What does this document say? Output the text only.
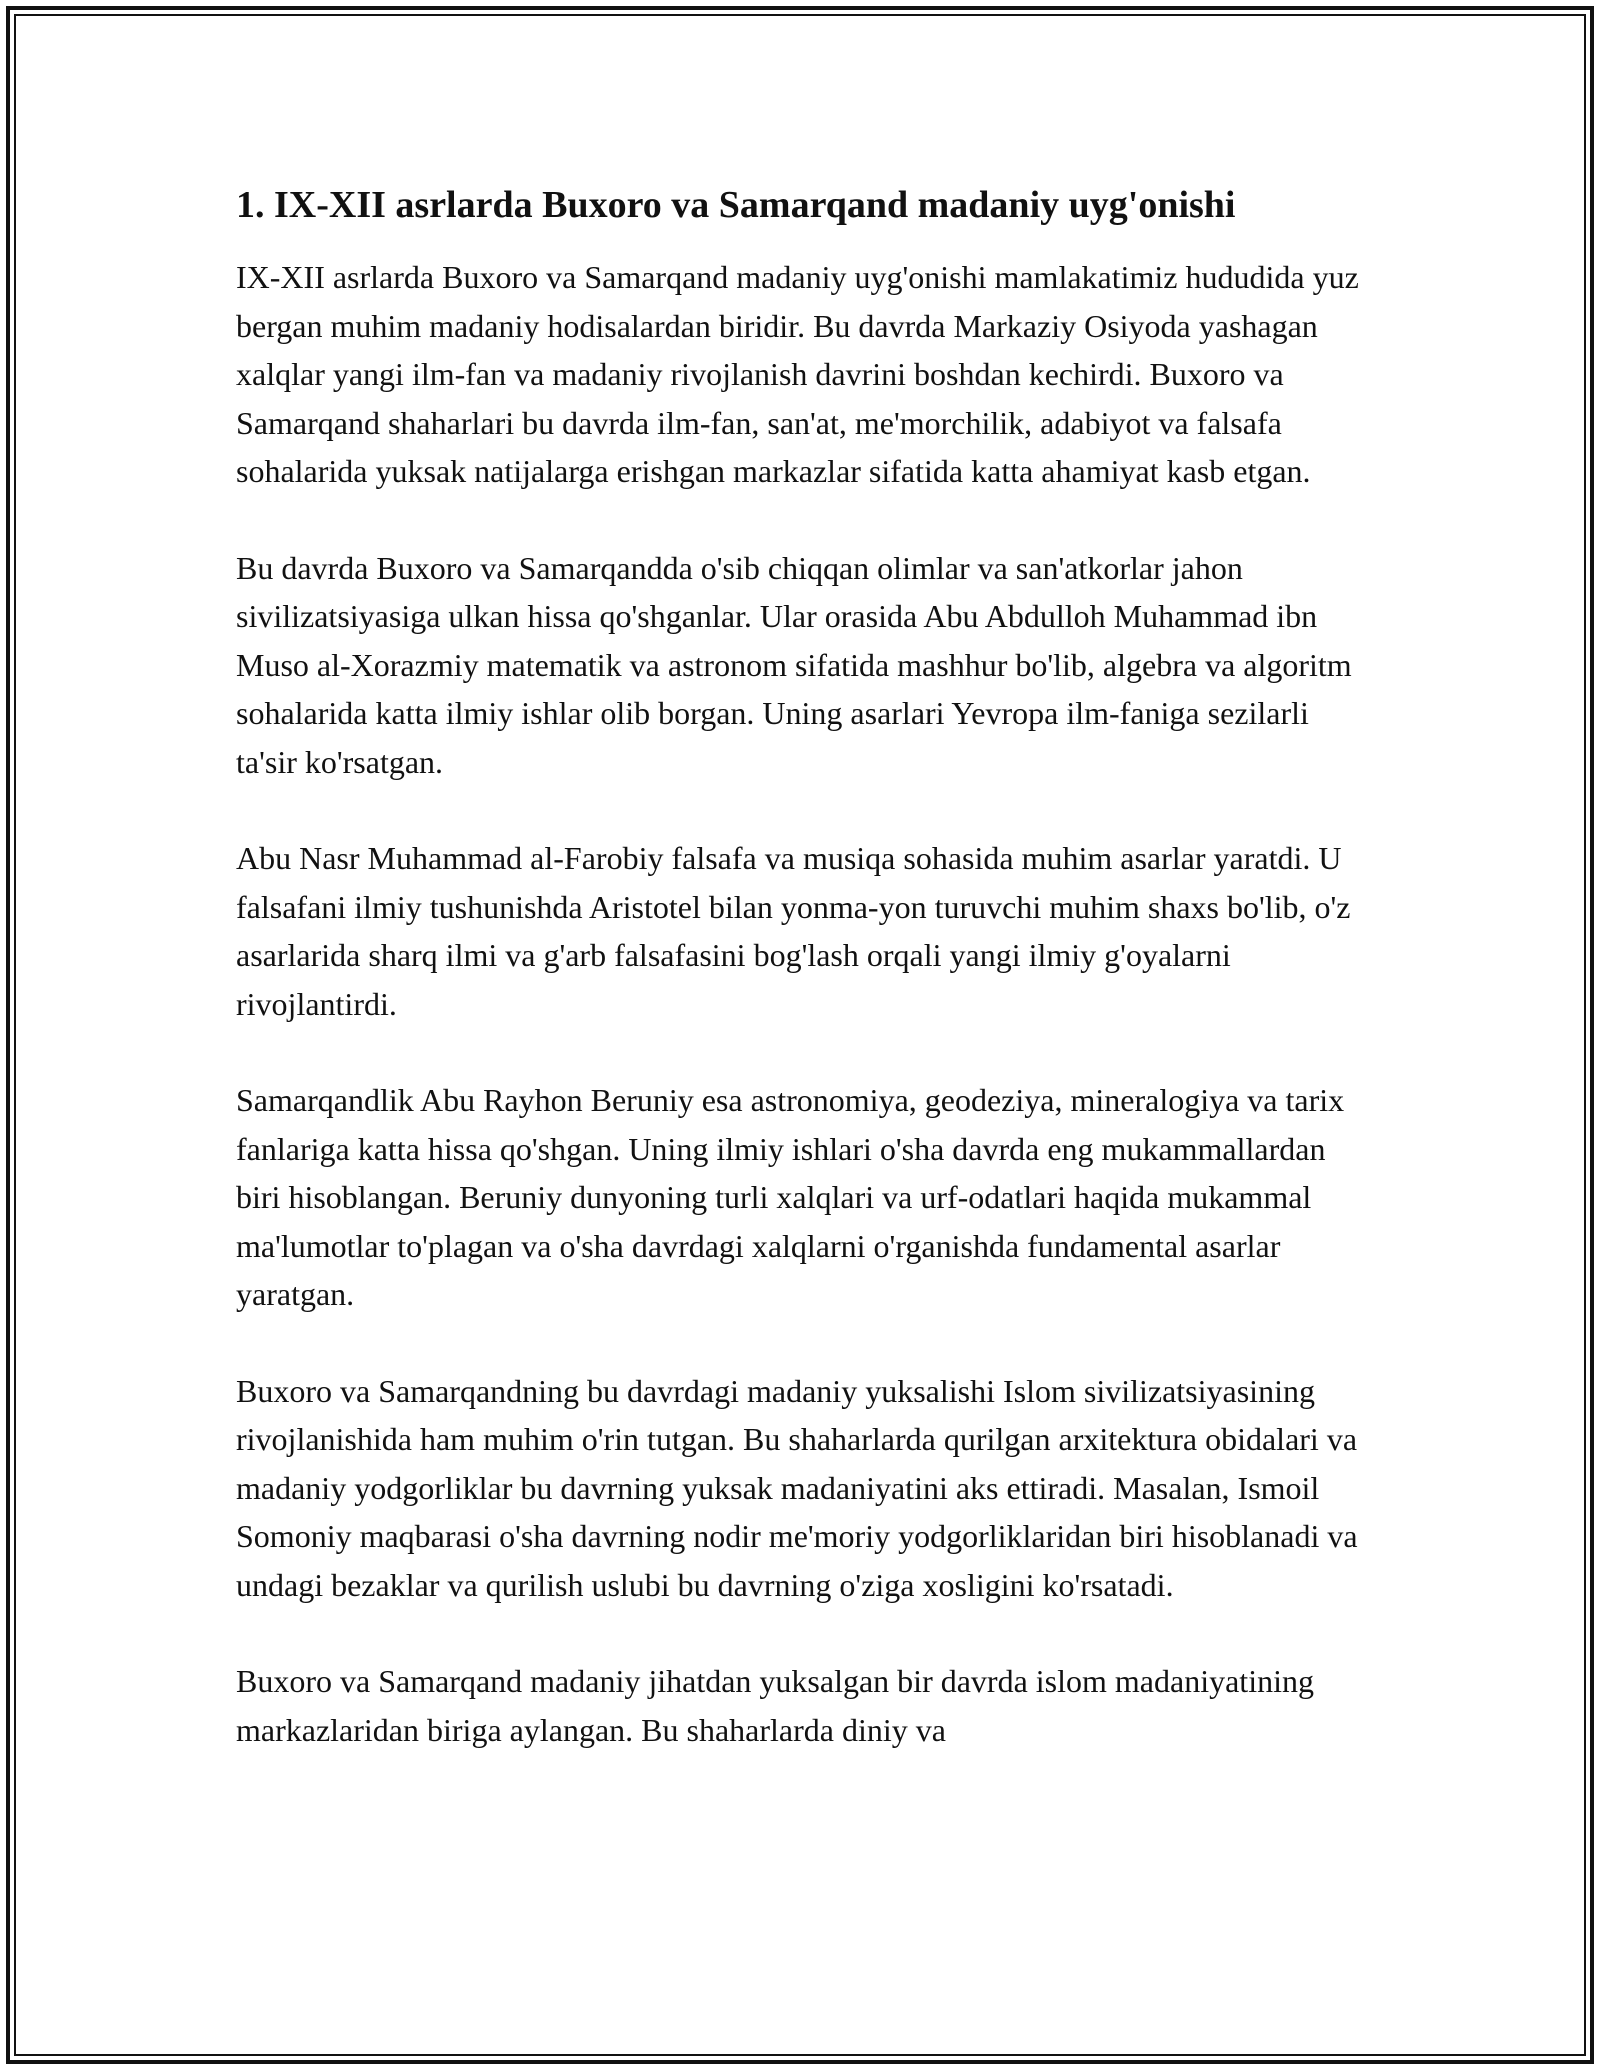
1. IX-XII asrlarda Buxoro va Samarqand madaniy uyg'onishi

IX-XII asrlarda Buxoro va Samarqand madaniy uyg'onishi mamlakatimiz hududida yuz bergan muhim madaniy hodisalardan biridir. Bu davrda Markaziy Osiyoda yashagan xalqlar yangi ilm-fan va madaniy rivojlanish davrini boshdan kechirdi. Buxoro va Samarqand shaharlari bu davrda ilm-fan, san'at, me'morchilik, adabiyot va falsafa sohalarida yuksak natijalarga erishgan markazlar sifatida katta ahamiyat kasb etgan.

Bu davrda Buxoro va Samarqandda o'sib chiqqan olimlar va san'atkorlar jahon sivilizatsiyasiga ulkan hissa qo'shganlar. Ular orasida Abu Abdulloh Muhammad ibn Muso al-Xorazmiy matematik va astronom sifatida mashhur bo'lib, algebra va algoritm sohalarida katta ilmiy ishlar olib borgan. Uning asarlari Yevropa ilm-faniga sezilarli ta'sir ko'rsatgan.

Abu Nasr Muhammad al-Farobiy falsafa va musiqa sohasida muhim asarlar yaratdi. U falsafani ilmiy tushunishda Aristotel bilan yonma-yon turuvchi muhim shaxs bo'lib, o'z asarlarida sharq ilmi va g'arb falsafasini bog'lash orqali yangi ilmiy g'oyalarni rivojlantirdi.

Samarqandlik Abu Rayhon Beruniy esa astronomiya, geodeziya, mineralogiya va tarix fanlariga katta hissa qo'shgan. Uning ilmiy ishlari o'sha davrda eng mukammallardan biri hisoblangan. Beruniy dunyoning turli xalqlari va urf-odatlari haqida mukammal ma'lumotlar to'plagan va o'sha davrdagi xalqlarni o'rganishda fundamental asarlar yaratgan.

Buxoro va Samarqandning bu davrdagi madaniy yuksalishi Islom sivilizatsiyasining rivojlanishida ham muhim o'rin tutgan. Bu shaharlarda qurilgan arxitektura obidalari va madaniy yodgorliklar bu davrning yuksak madaniyatini aks ettiradi. Masalan, Ismoil Somoniy maqbarasi o'sha davrning nodir me'moriy yodgorliklaridan biri hisoblanadi va undagi bezaklar va qurilish uslubi bu davrning o'ziga xosligini ko'rsatadi.

Buxoro va Samarqand madaniy jihatdan yuksalgan bir davrda islom madaniyatining markazlaridan biriga aylangan. Bu shaharlarda diniy va
